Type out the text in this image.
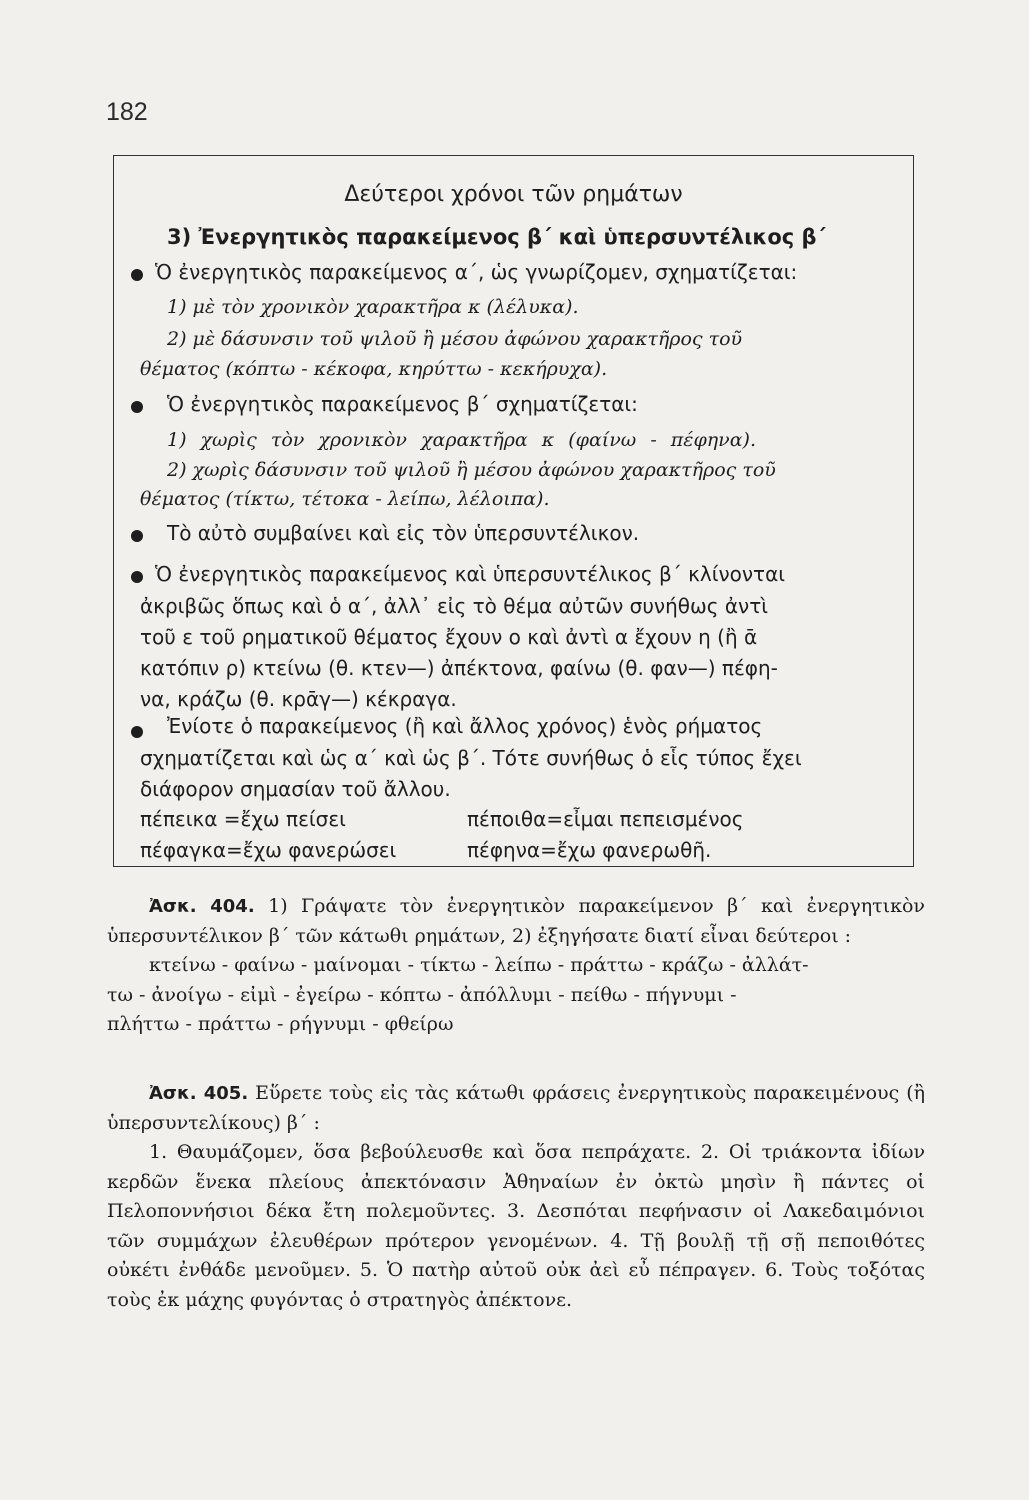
182
Δεύτεροι χρόνοι τῶν ρημάτων
3) Ἐνεργητικὸς παρακείμενος β΄ καὶ ὑπερσυντέλικος β΄
Ὁ ἐνεργητικὸς παρακείμενος α΄, ὡς γνωρίζομεν, σχηματίζεται:
1) μὲ τὸν χρονικὸν χαρακτῆρα κ (λέλυκα).
2) μὲ δάσυνσιν τοῦ ψιλοῦ ἢ μέσου ἀφώνου χαρακτῆρος τοῦ
θέματος (κόπτω - κέκοφα, κηρύττω - κεκήρυχα).
Ὁ ἐνεργητικὸς παρακείμενος β΄ σχηματίζεται:
1) χωρὶς τὸν χρονικὸν χαρακτῆρα κ (φαίνω - πέφηνα).
2) χωρὶς δάσυνσιν τοῦ ψιλοῦ ἢ μέσου ἀφώνου χαρακτῆρος τοῦ
θέματος (τίκτω, τέτοκα - λείπω, λέλοιπα).
Τὸ αὐτὸ συμβαίνει καὶ εἰς τὸν ὑπερσυντέλικον.
Ὁ ἐνεργητικὸς παρακείμενος καὶ ὑπερσυντέλικος β΄ κλίνονται
ἀκριβῶς ὅπως καὶ ὁ α΄, ἀλλ᾽ εἰς τὸ θέμα αὐτῶν συνήθως ἀντὶ
τοῦ ε τοῦ ρηματικοῦ θέματος ἔχουν ο καὶ ἀντὶ α ἔχουν η (ἢ ᾱ
κατόπιν ρ) κτείνω (θ. κτεν—) ἀπέκτονα, φαίνω (θ. φαν—) πέφη-
να, κράζω (θ. κρᾱγ—) κέκραγα.
Ἐνίοτε ὁ παρακείμενος (ἢ καὶ ἄλλος χρόνος) ἑνὸς ρήματος
σχηματίζεται καὶ ὡς α΄ καὶ ὡς β΄. Τότε συνήθως ὁ εἷς τύπος ἔχει
διάφορον σημασίαν τοῦ ἄλλου.
πέπεικα =ἔχω πείσει	πέποιθα=εἶμαι πεπεισμένος
πέφαγκα=ἔχω φανερώσει	πέφηνα=ἔχω φανερωθῆ.

Ἀσκ. 404. 1) Γράψατε τὸν ἐνεργητικὸν παρακείμενον β΄ καὶ ἐνεργητικὸν ὑπερσυντέλικον β΄ τῶν κάτωθι ρημάτων, 2) ἐξηγήσατε διατί εἶναι δεύτεροι :

κτείνω - φαίνω - μαίνομαι - τίκτω - λείπω - πράττω - κράζω - ἀλλάτ-
τω - ἀνοίγω - εἰμὶ - ἐγείρω - κόπτω - ἀπόλλυμι - πείθω - πήγνυμι -
πλήττω - πράττω - ρήγνυμι - φθείρω

Ἀσκ. 405. Εὕρετε τοὺς εἰς τὰς κάτωθι φράσεις ἐνεργητικοὺς παρακειμένους (ἢ ὑπερσυντελίκους) β΄ :

1. Θαυμάζομεν, ὅσα βεβούλευσθε καὶ ὅσα πεπράχατε. 2. Οἱ τριάκοντα ἰδίων κερδῶν ἕνεκα πλείους ἀπεκτόνασιν Ἀθηναίων ἐν ὀκτὼ μησὶν ἢ πάντες οἱ Πελοποννήσιοι δέκα ἔτη πολεμοῦντες. 3. Δεσπόται πεφήνασιν οἱ Λακεδαιμόνιοι τῶν συμμάχων ἐλευθέρων πρότερον γενομένων. 4. Τῇ βουλῇ τῇ σῇ πεποιθότες οὐκέτι ἐνθάδε μενοῦμεν. 5. Ὁ πατὴρ αὐτοῦ οὐκ ἀεὶ εὖ πέπραγεν. 6. Τοὺς τοξότας τοὺς ἐκ μάχης φυγόντας ὁ στρατηγὸς ἀπέκτονε.
